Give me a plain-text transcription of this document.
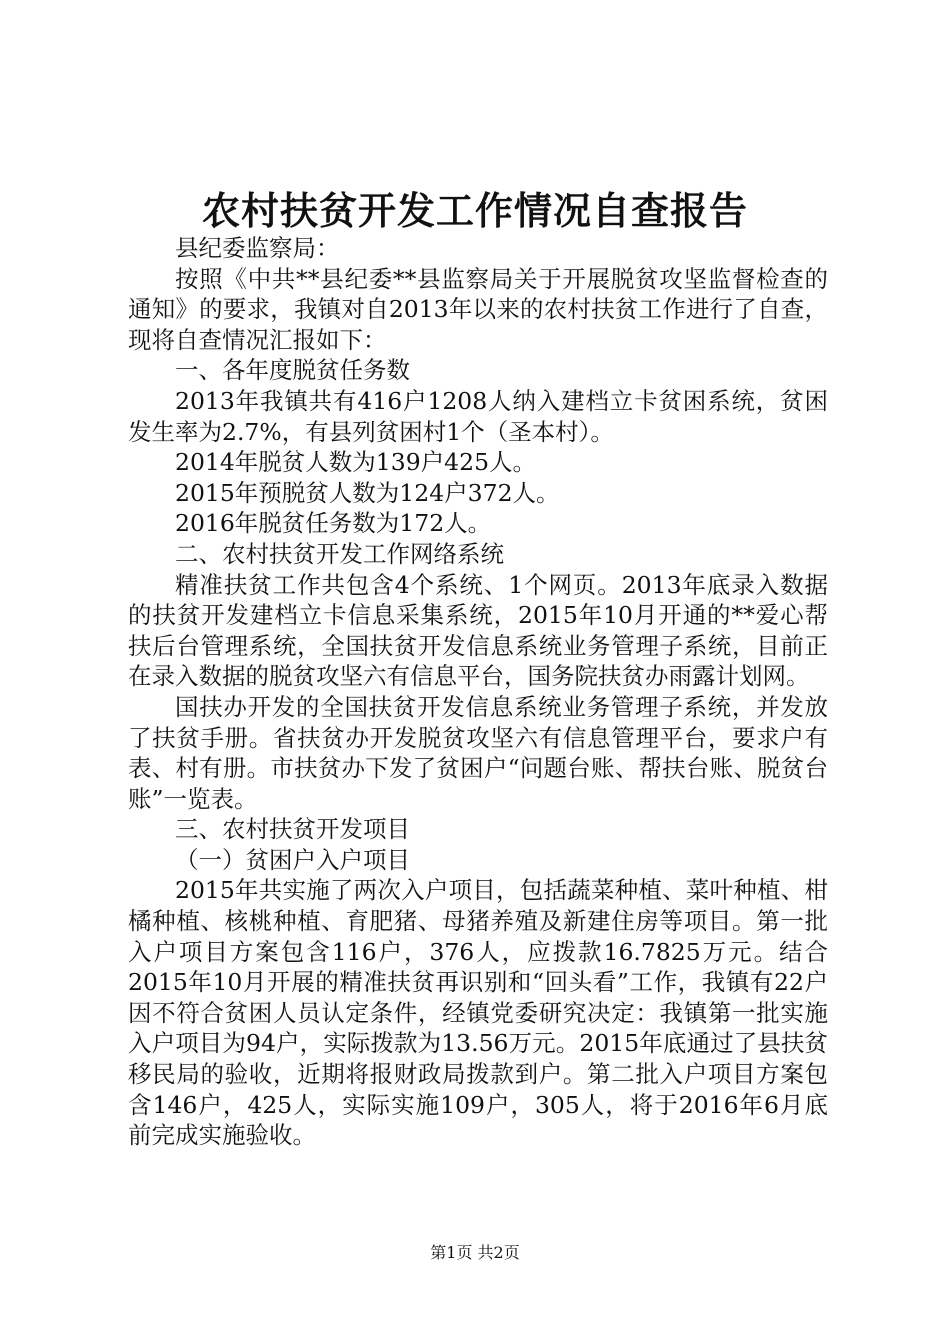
农村扶贫开发工作情况自查报告

县纪委监察局：

按照《中共**县纪委**县监察局关于开展脱贫攻坚监督检查的通知》的要求，我镇对自2013年以来的农村扶贫工作进行了自查，现将自查情况汇报如下：

一、各年度脱贫任务数

2013年我镇共有416户1208人纳入建档立卡贫困系统，贫困发生率为2.7%，有县列贫困村1个（圣本村）。

2014年脱贫人数为139户425人。

2015年预脱贫人数为124户372人。

2016年脱贫任务数为172人。

二、农村扶贫开发工作网络系统

精准扶贫工作共包含4个系统、1个网页。2013年底录入数据的扶贫开发建档立卡信息采集系统，2015年10月开通的**爱心帮扶后台管理系统，全国扶贫开发信息系统业务管理子系统，目前正在录入数据的脱贫攻坚六有信息平台，国务院扶贫办雨露计划网。

国扶办开发的全国扶贫开发信息系统业务管理子系统，并发放了扶贫手册。省扶贫办开发脱贫攻坚六有信息管理平台，要求户有表、村有册。市扶贫办下发了贫困户“问题台账、帮扶台账、脱贫台账”一览表。

三、农村扶贫开发项目

（一）贫困户入户项目

2015年共实施了两次入户项目，包括蔬菜种植、菜叶种植、柑橘种植、核桃种植、育肥猪、母猪养殖及新建住房等项目。第一批入户项目方案包含116户，376人，应拨款16.7825万元。结合2015年10月开展的精准扶贫再识别和“回头看”工作，我镇有22户因不符合贫困人员认定条件，经镇党委研究决定：我镇第一批实施入户项目为94户，实际拨款为13.56万元。2015年底通过了县扶贫移民局的验收，近期将报财政局拨款到户。第二批入户项目方案包含146户，425人，实际实施109户，305人，将于2016年6月底前完成实施验收。

第1页 共2页
